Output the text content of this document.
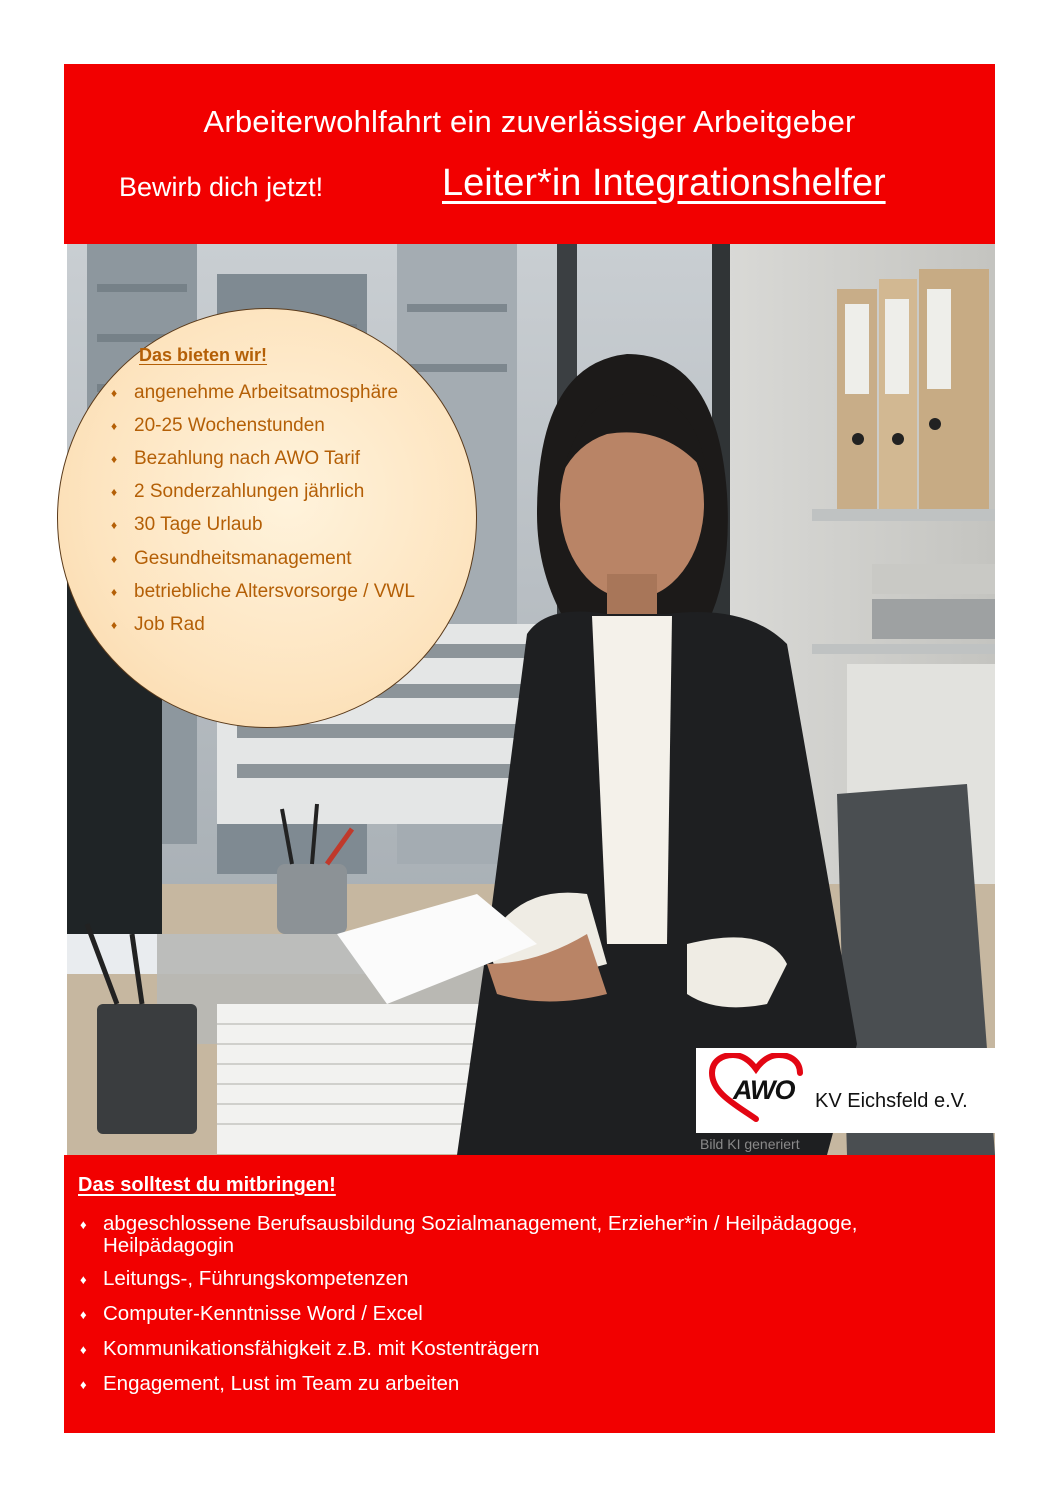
Arbeiterwohlfahrt ein zuverlässiger Arbeitgeber
Bewirb dich jetzt!	Leiter*in Integrationshelfer
Das bieten wir!
♦ angenehme Arbeitsatmosphäre
♦ 20-25 Wochenstunden
♦ Bezahlung nach AWO Tarif
♦ 2 Sonderzahlungen jährlich
♦ 30 Tage Urlaub
♦ Gesundheitsmanagement
♦ betriebliche Altersvorsorge / VWL
♦ Job Rad
AWO KV Eichsfeld e.V.
Bild KI generiert
Das solltest du mitbringen!
♦ abgeschlossene Berufsausbildung Sozialmanagement, Erzieher*in / Heilpädagoge, Heilpädagogin
♦ Leitungs-, Führungskompetenzen
♦ Computer-Kenntnisse Word / Excel
♦ Kommunikationsfähigkeit z.B. mit Kostenträgern
♦ Engagement, Lust im Team zu arbeiten
